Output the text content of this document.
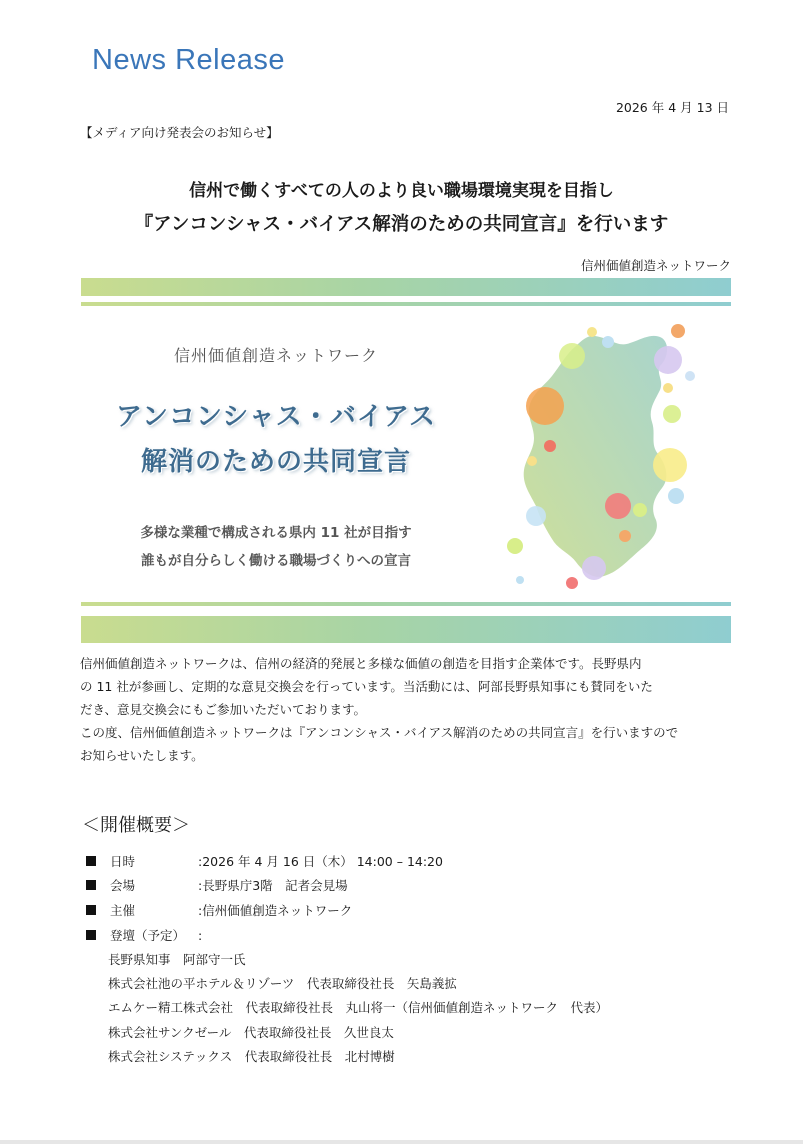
News Release
2026 年 4 月 13 日
【メディア向け発表会のお知らせ】
信州で働くすべての人のより良い職場環境実現を目指し
『アンコンシャス・バイアス解消のための共同宣言』を行います
信州価値創造ネットワーク
信州価値創造ネットワーク
アンコンシャス・バイアス
解消のための共同宣言
多様な業種で構成される県内 11 社が目指す
誰もが自分らしく働ける職場づくりへの宣言
信州価値創造ネットワークは、信州の経済的発展と多様な価値の創造を目指す企業体です。長野県内
の 11 社が参画し、定期的な意見交換会を行っています。当活動には、阿部長野県知事にも賛同をいた
だき、意見交換会にもご参加いただいております。
この度、信州価値創造ネットワークは『アンコンシャス・バイアス解消のための共同宣言』を行いますので
お知らせいたします。
＜開催概要＞
日時	:2026 年 4 月 16 日（木） 14:00 – 14:20
会場	:長野県庁3階　記者会見場
主催	:信州価値創造ネットワーク
登壇（予定）	:
長野県知事　阿部守一氏
株式会社池の平ホテル＆リゾーツ　代表取締役社長　矢島義拡
エムケー精工株式会社　代表取締役社長　丸山将一（信州価値創造ネットワーク　代表）
株式会社サンクゼール　代表取締役社長　久世良太
株式会社システックス　代表取締役社長　北村博樹
